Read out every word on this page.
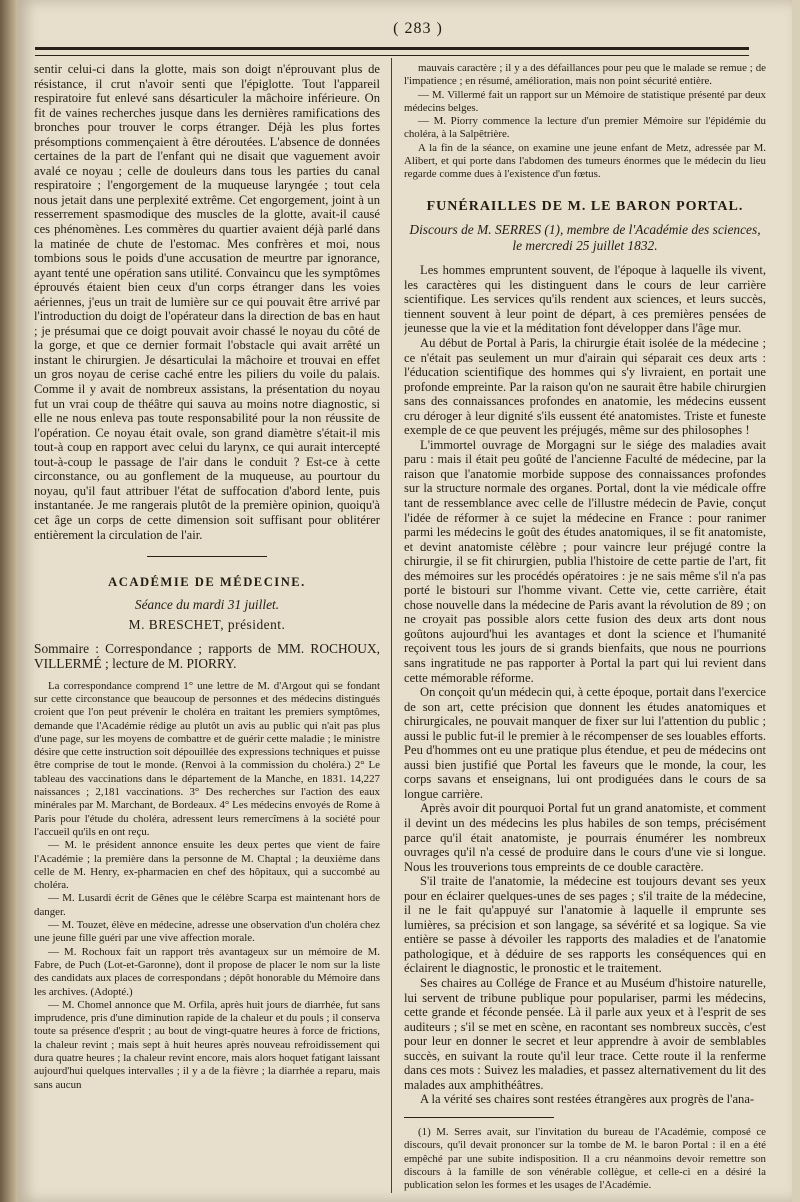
( 283 )

sentir celui-ci dans la glotte, mais son doigt n'éprouvant plus de résistance, il crut n'avoir senti que l'épiglotte. Tout l'appareil respiratoire fut enlevé sans désarticuler la mâchoire inférieure. On fit de vaines recherches jusque dans les dernières ramifications des bronches pour trouver le corps étranger. Déjà les plus fortes présomptions commençaient à être déroutées. L'absence de données certaines de la part de l'enfant qui ne disait que vaguement avoir avalé ce noyau ; celle de douleurs dans tous les parties du canal respiratoire ; l'engorgement de la muqueuse laryngée ; tout cela nous jetait dans une perplexité extrême. Cet engorgement, joint à un resserrement spasmodique des muscles de la glotte, avait-il causé ces phénomènes. Les commères du quartier avaient déjà parlé dans la matinée de chute de l'estomac. Mes confrères et moi, nous tombions sous le poids d'une accusation de meurtre par ignorance, ayant tenté une opération sans utilité. Convaincu que les symptômes éprouvés étaient bien ceux d'un corps étranger dans les voies aériennes, j'eus un trait de lumière sur ce qui pouvait être arrivé par l'introduction du doigt de l'opérateur dans la direction de bas en haut ; je présumai que ce doigt pouvait avoir chassé le noyau du côté de la gorge, et que ce dernier formait l'obstacle qui avait arrêté un instant le chirurgien. Je désarticulai la mâchoire et trouvai en effet un gros noyau de cerise caché entre les piliers du voile du palais. Comme il y avait de nombreux assistans, la présentation du noyau fut un vrai coup de théâtre qui sauva au moins notre diagnostic, si elle ne nous enleva pas toute responsabilité pour la non réussite de l'opération. Ce noyau était ovale, son grand diamètre s'était-il mis tout-à coup en rapport avec celui du larynx, ce qui aurait intercepté tout-à-coup le passage de l'air dans le conduit ? Est-ce à cette circonstance, ou au gonflement de la muqueuse, au pourtour du noyau, qu'il faut attribuer l'état de suffocation d'abord lente, puis instantanée. Je me rangerais plutôt de la première opinion, quoiqu'à cet âge un corps de cette dimension soit suffisant pour oblitérer entièrement la circulation de l'air.

ACADÉMIE DE MÉDECINE.
Séance du mardi 31 juillet.
M. BRESCHET, président.

Sommaire : Correspondance ; rapports de MM. ROCHOUX, VILLERMÉ ; lecture de M. PIORRY.

La correspondance comprend 1° une lettre de M. d'Argout qui se fondant sur cette circonstance que beaucoup de personnes et des médecins distingués croient que l'on peut prévenir le choléra en traitant les premiers symptômes, demande que l'Académie rédige au plutôt un avis au public qui n'ait pas plus d'une page, sur les moyens de combattre et de guérir cette maladie ; le ministre désire que cette instruction soit dépouillée des expressions techniques et puisse être comprise de tout le monde. (Renvoi à la commission du choléra.) 2° Le tableau des vaccinations dans le département de la Manche, en 1831. 14,227 naissances ; 2,181 vaccinations. 3° Des recherches sur l'action des eaux minérales par M. Marchant, de Bordeaux. 4° Les médecins envoyés de Rome à Paris pour l'étude du choléra, adressent leurs remercîmens à la société pour l'accueil qu'ils en ont reçu.

— M. le président annonce ensuite les deux pertes que vient de faire l'Académie ; la première dans la personne de M. Chaptal ; la deuxième dans celle de M. Henry, ex-pharmacien en chef des hôpitaux, qui a succombé au choléra.

— M. Lusardi écrit de Gênes que le célèbre Scarpa est maintenant hors de danger.

— M. Touzet, élève en médecine, adresse une observation d'un choléra chez une jeune fille guéri par une vive affection morale.

— M. Rochoux fait un rapport très avantageux sur un mémoire de M. Fabre, de Puch (Lot-et-Garonne), dont il propose de placer le nom sur la liste des candidats aux places de correspondans ; dépôt honorable du Mémoire dans les archives. (Adopté.)

— M. Chomel annonce que M. Orfila, après huit jours de diarrhée, fut sans imprudence, pris d'une diminution rapide de la chaleur et du pouls ; il conserva toute sa présence d'esprit ; au bout de vingt-quatre heures à force de frictions, la chaleur revint ; mais sept à huit heures après nouveau refroidissement qui dura quatre heures ; la chaleur revint encore, mais alors hoquet fatigant laissant aujourd'hui quelques intervalles ; il y a de la fièvre ; la diarrhée a reparu, mais sans aucun

mauvais caractère ; il y a des défaillances pour peu que le malade se remue ; de l'impatience ; en résumé, amélioration, mais non point sécurité entière.

— M. Villermé fait un rapport sur un Mémoire de statistique présenté par deux médecins belges.

— M. Piorry commence la lecture d'un premier Mémoire sur l'épidémie du choléra, à la Salpêtrière.

A la fin de la séance, on examine une jeune enfant de Metz, adressée par M. Alibert, et qui porte dans l'abdomen des tumeurs énormes que le médecin du lieu regarde comme dues à l'existence d'un fœtus.

FUNÉRAILLES DE M. LE BARON PORTAL.

Discours de M. SERRES (1), membre de l'Académie des sciences, le mercredi 25 juillet 1832.

Les hommes empruntent souvent, de l'époque à laquelle ils vivent, les caractères qui les distinguent dans le cours de leur carrière scientifique. Les services qu'ils rendent aux sciences, et leurs succès, tiennent souvent à leur point de départ, à ces premières pensées de jeunesse que la vie et la méditation font développer dans l'âge mur.

Au début de Portal à Paris, la chirurgie était isolée de la médecine ; ce n'était pas seulement un mur d'airain qui séparait ces deux arts : l'éducation scientifique des hommes qui s'y livraient, en portait une profonde empreinte. Par la raison qu'on ne saurait être habile chirurgien sans des connaissances profondes en anatomie, les médecins eussent cru déroger à leur dignité s'ils eussent été anatomistes. Triste et funeste exemple de ce que peuvent les préjugés, même sur des philosophes !

L'immortel ouvrage de Morgagni sur le siége des maladies avait paru : mais il était peu goûté de l'ancienne Faculté de médecine, par la raison que l'anatomie morbide suppose des connaissances profondes sur la structure normale des organes. Portal, dont la vie médicale offre tant de ressemblance avec celle de l'illustre médecin de Pavie, conçut l'idée de réformer à ce sujet la médecine en France : pour ranimer parmi les médecins le goût des études anatomiques, il se fit anatomiste, et devint anatomiste célèbre ; pour vaincre leur préjugé contre la chirurgie, il se fit chirurgien, publia l'histoire de cette partie de l'art, fit des mémoires sur les procédés opératoires : je ne sais même s'il n'a pas porté le bistouri sur l'homme vivant. Cette vie, cette carrière, était chose nouvelle dans la médecine de Paris avant la révolution de 89 ; on ne croyait pas possible alors cette fusion des deux arts dont nous goûtons aujourd'hui les avantages et dont la science et l'humanité reçoivent tous les jours de si grands bienfaits, que nous ne pourrions sans ingratitude ne pas rapporter à Portal la part qui lui revient dans cette mémorable réforme.

On conçoit qu'un médecin qui, à cette époque, portait dans l'exercice de son art, cette précision que donnent les études anatomiques et chirurgicales, ne pouvait manquer de fixer sur lui l'attention du public ; aussi le public fut-il le premier à le récompenser de ses louables efforts. Peu d'hommes ont eu une pratique plus étendue, et peu de médecins ont aussi bien justifié que Portal les faveurs que le monde, la cour, les corps savans et enseignans, lui ont prodiguées dans le cours de sa longue carrière.

Après avoir dit pourquoi Portal fut un grand anatomiste, et comment il devint un des médecins les plus habiles de son temps, précisément parce qu'il était anatomiste, je pourrais énumérer les nombreux ouvrages qu'il n'a cessé de produire dans le cours d'une vie si longue. Nous les trouverions tous empreints de ce double caractère.

S'il traite de l'anatomie, la médecine est toujours devant ses yeux pour en éclairer quelques-unes de ses pages ; s'il traite de la médecine, il ne le fait qu'appuyé sur l'anatomie à laquelle il emprunte ses lumières, sa précision et son langage, sa sévérité et sa logique. Sa vie entière se passe à dévoiler les rapports des maladies et de l'anatomie pathologique, et à déduire de ses rapports les conséquences qui en éclairent le diagnostic, le pronostic et le traitement.

Ses chaires au Collége de France et au Muséum d'histoire naturelle, lui servent de tribune publique pour populariser, parmi les médecins, cette grande et féconde pensée. Là il parle aux yeux et à l'esprit de ses auditeurs ; s'il se met en scène, en racontant ses nombreux succès, c'est pour leur en donner le secret et leur apprendre à avoir de semblables succès, en suivant la route qu'il leur trace. Cette route il la renferme dans ces mots : Suivez les maladies, et passez alternativement du lit des malades aux amphithéâtres.

A la vérité ses chaires sont restées étrangères aux progrès de l'ana-

(1) M. Serres avait, sur l'invitation du bureau de l'Académie, composé ce discours, qu'il devait prononcer sur la tombe de M. le baron Portal : il en a été empêché par une subite indisposition. Il a cru néanmoins devoir remettre son discours à la famille de son vénérable collègue, et celle-ci en a désiré la publication selon les formes et les usages de l'Académie.
